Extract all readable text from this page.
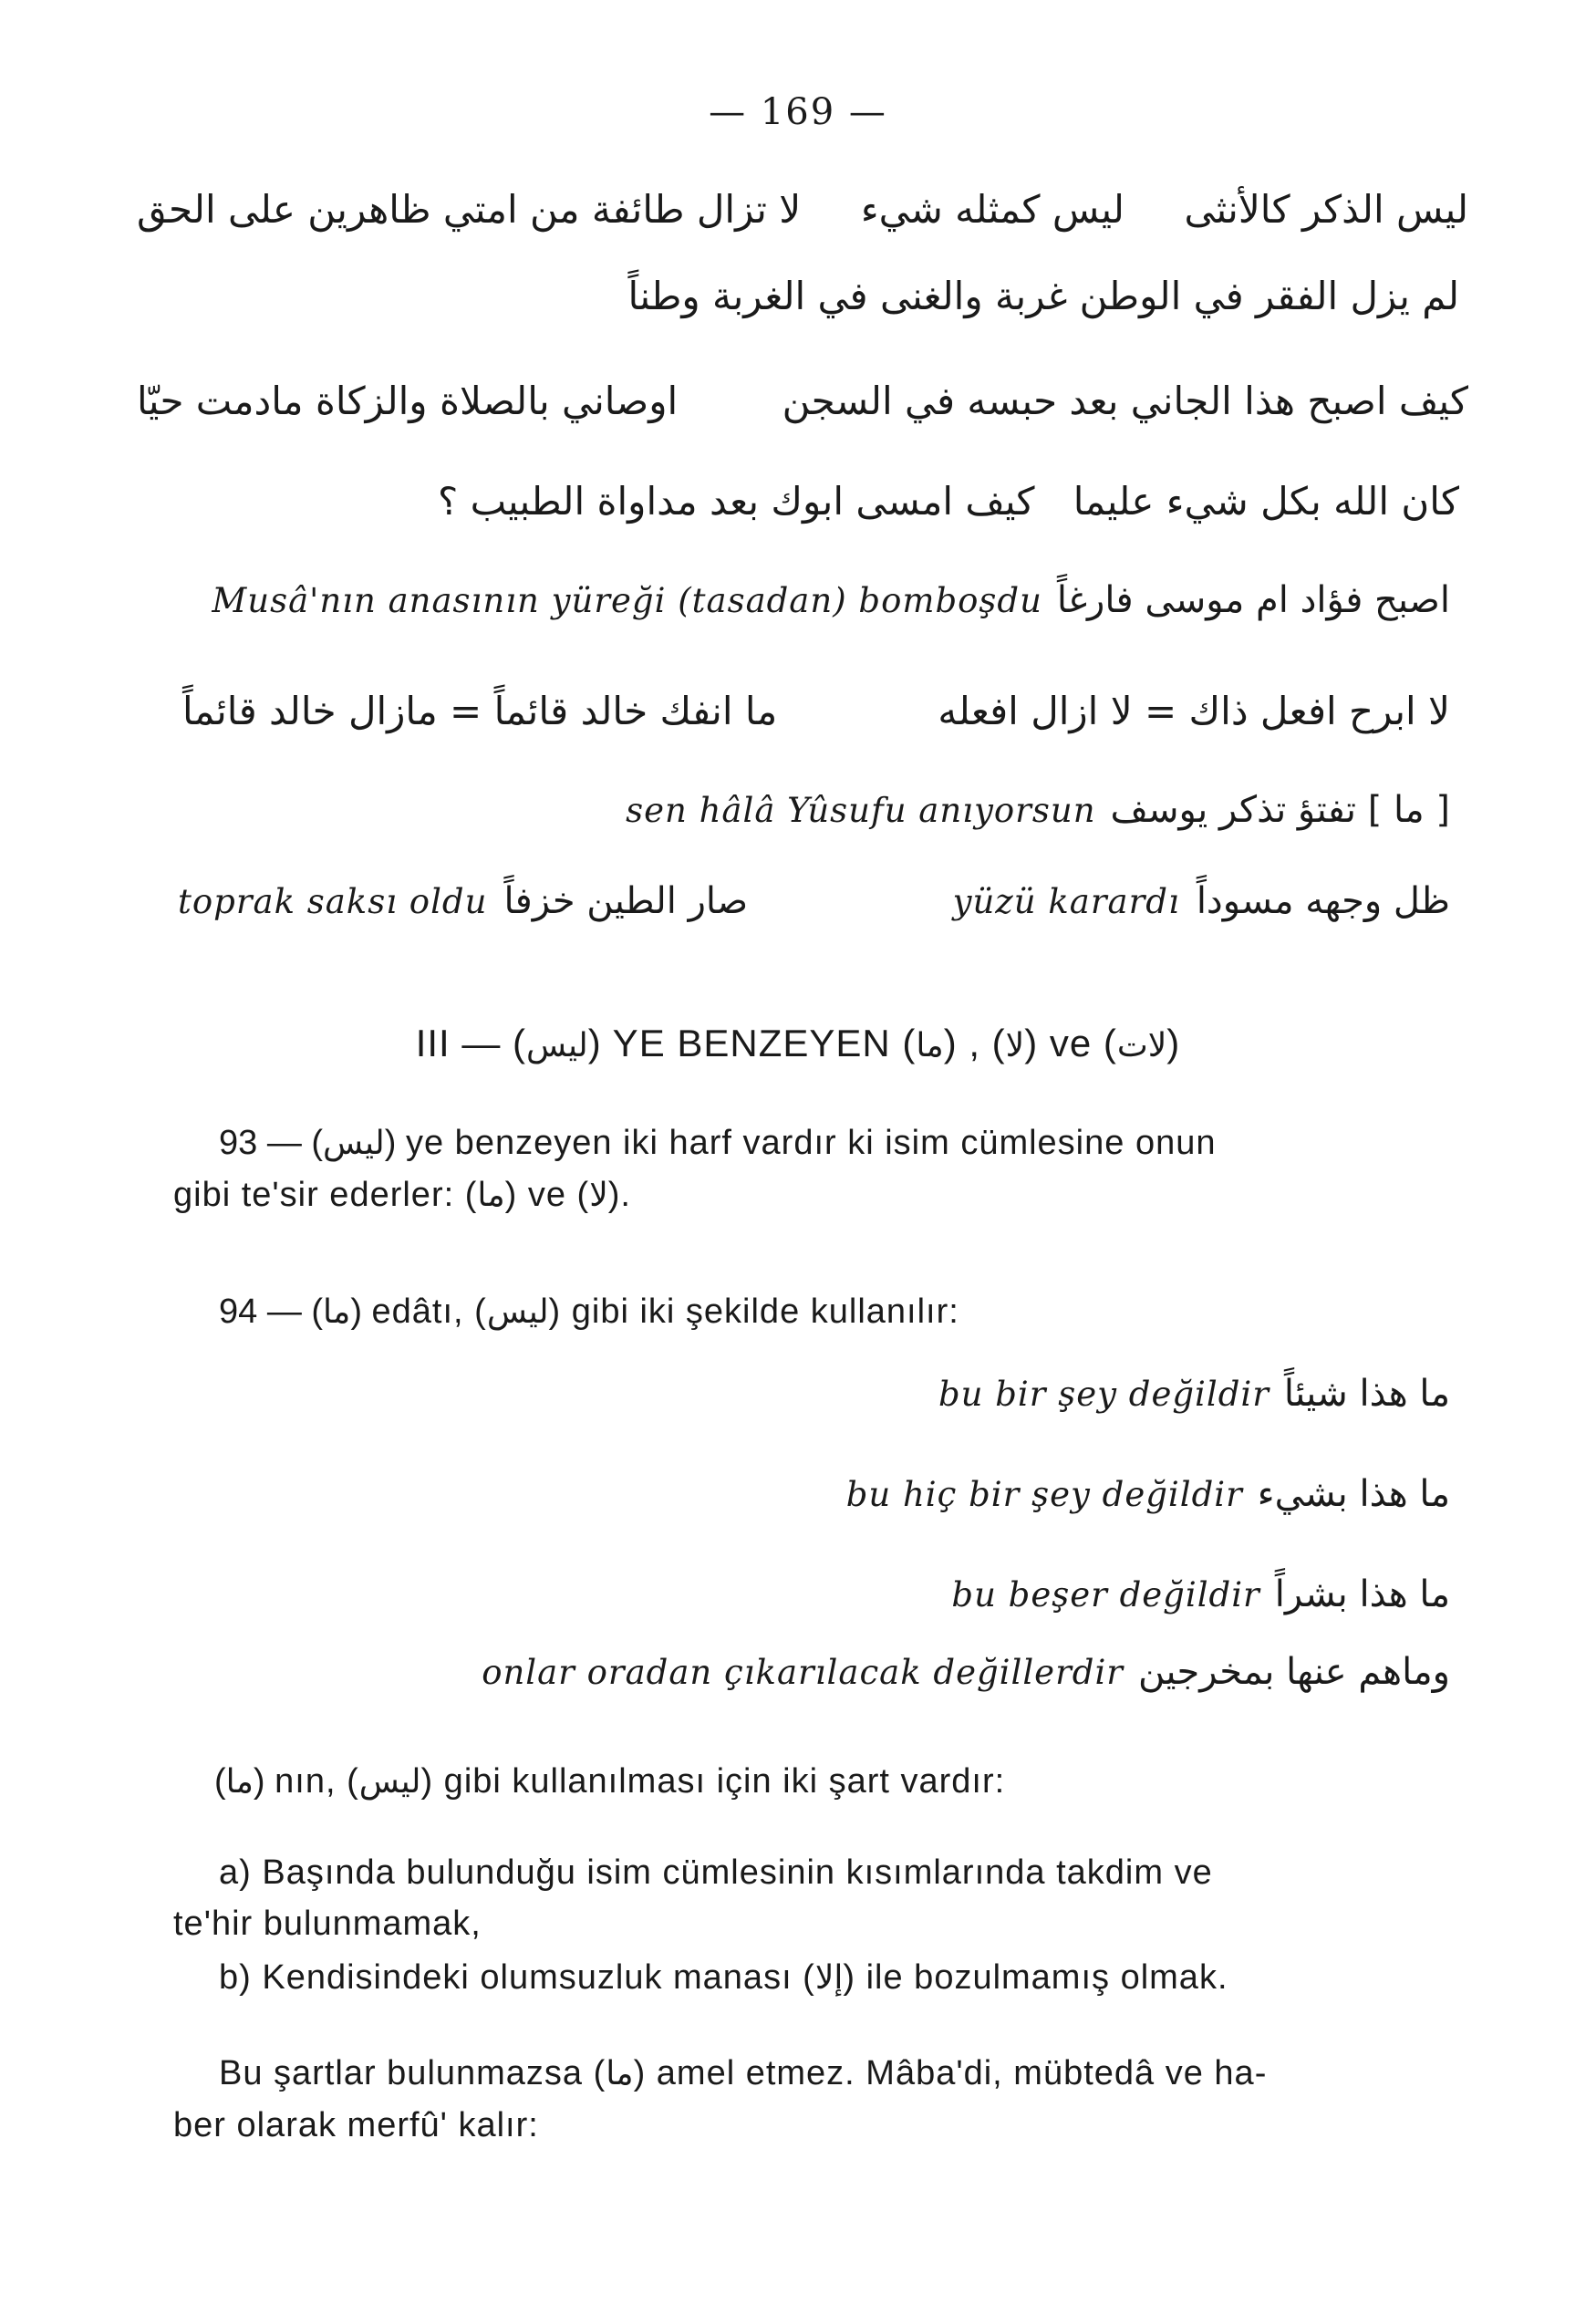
— 169 —
ليس الذكر كالأنثى
ليس كمثله شيء
لا تزال طائفة من امتي ظاهرين على الحق
لم يزل الفقر في الوطن غربة والغنى في الغربة وطناً
كيف اصبح هذا الجاني بعد حبسه في السجن
اوصاني بالصلاة والزكاة مادمت حيّا
كان الله بكل شيء عليما
كيف امسى ابوك بعد مداواة الطبيب ؟
Musâ'nın anasının yüreği (tasadan) bomboşdu اصبح فؤاد ام موسى فارغاً
لا ابرح افعل ذاك = لا ازال افعله
ما انفك خالد قائماً = مازال خالد قائماً
sen hâlâ Yûsufu anıyorsun [ ما ] تفتؤ تذكر يوسف
toprak saksı oldu صار الطين خزفاً	yüzü karardı ظل وجهه مسوداً
III — (ليس) YE BENZEYEN (ما) , (لا) ve (لات)
93 — (ليس) ye benzeyen iki harf vardır ki isim cümlesine onun
gibi te'sir ederler: (ما) ve (لا).
94 — (ما) edâtı, (ليس) gibi iki şekilde kullanılır:
bu bir şey değildir ما هذا شيئاً
bu hiç bir şey değildir ما هذا بشيء
bu beşer değildir ما هذا بشراً
onlar oradan çıkarılacak değillerdir وماهم عنها بمخرجين
(ما) nın, (ليس) gibi kullanılması için iki şart vardır:
a) Başında bulunduğu isim cümlesinin kısımlarında takdim ve
te'hir bulunmamak,
b) Kendisindeki olumsuzluk manası (إلا) ile bozulmamış olmak.
Bu şartlar bulunmazsa (ما) amel etmez. Mâba'di, mübtedâ ve ha-
ber olarak merfû' kalır:
